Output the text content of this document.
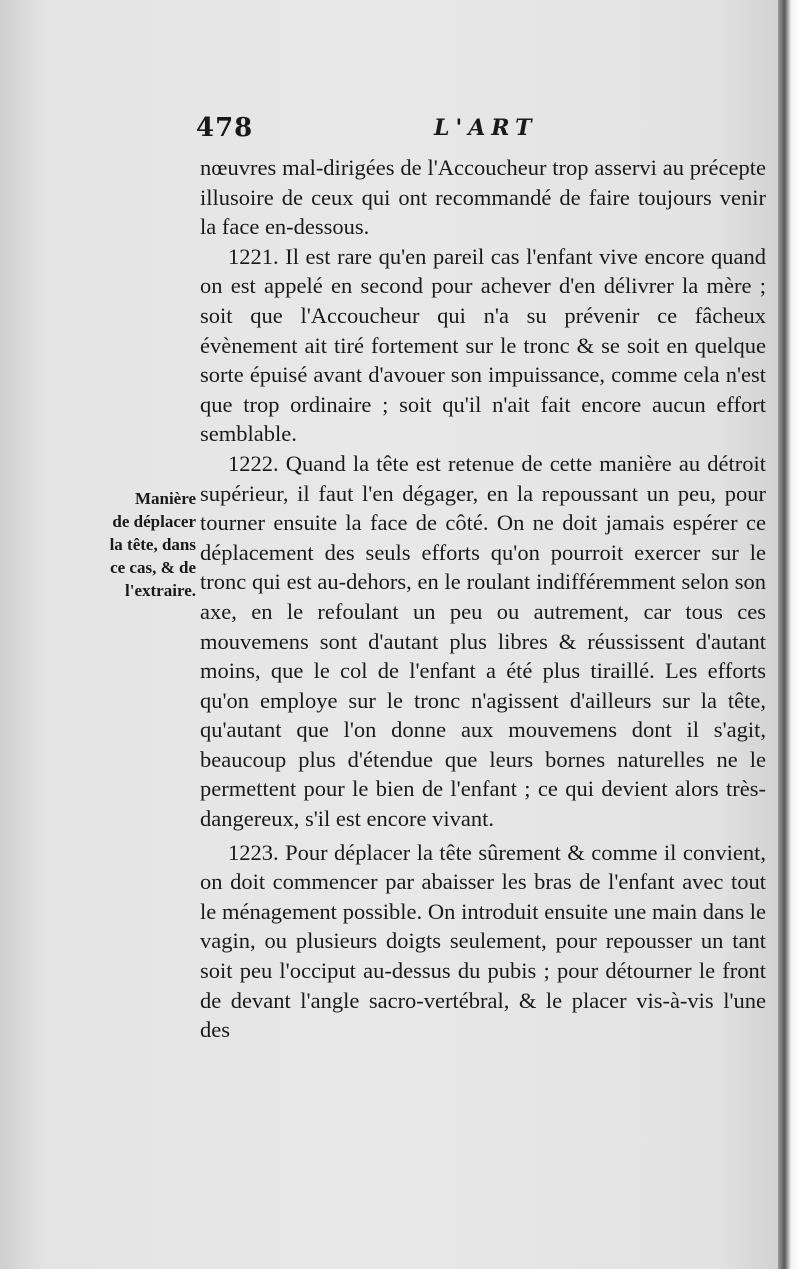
478	L'ART
Manière
de déplacer
la tête, dans
ce cas, & de
l'extraire.

nœuvres mal-dirigées de l'Accoucheur trop asservi au précepte illusoire de ceux qui ont recommandé de faire toujours venir la face en-dessous.

1221. Il est rare qu'en pareil cas l'enfant vive encore quand on est appelé en second pour achever d'en délivrer la mère ; soit que l'Accoucheur qui n'a su prévenir ce fâcheux évènement ait tiré fortement sur le tronc & se soit en quelque sorte épuisé avant d'avouer son impuissance, comme cela n'est que trop ordinaire ; soit qu'il n'ait fait encore aucun effort semblable.

1222. Quand la tête est retenue de cette manière au détroit supérieur, il faut l'en dégager, en la repoussant un peu, pour tourner ensuite la face de côté. On ne doit jamais espérer ce déplacement des seuls efforts qu'on pourroit exercer sur le tronc qui est au-dehors, en le roulant indifféremment selon son axe, en le refoulant un peu ou autrement, car tous ces mouvemens sont d'autant plus libres & réussissent d'autant moins, que le col de l'enfant a été plus tiraillé. Les efforts qu'on employe sur le tronc n'agissent d'ailleurs sur la tête, qu'autant que l'on donne aux mouvemens dont il s'agit, beaucoup plus d'étendue que leurs bornes naturelles ne le permettent pour le bien de l'enfant ; ce qui devient alors très-dangereux, s'il est encore vivant.

1223. Pour déplacer la tête sûrement & comme il convient, on doit commencer par abaisser les bras de l'enfant avec tout le ménagement possible. On introduit ensuite une main dans le vagin, ou plusieurs doigts seulement, pour repousser un tant soit peu l'occiput au-dessus du pubis ; pour détourner le front de devant l'angle sacro-vertébral, & le placer vis-à-vis l'une des
